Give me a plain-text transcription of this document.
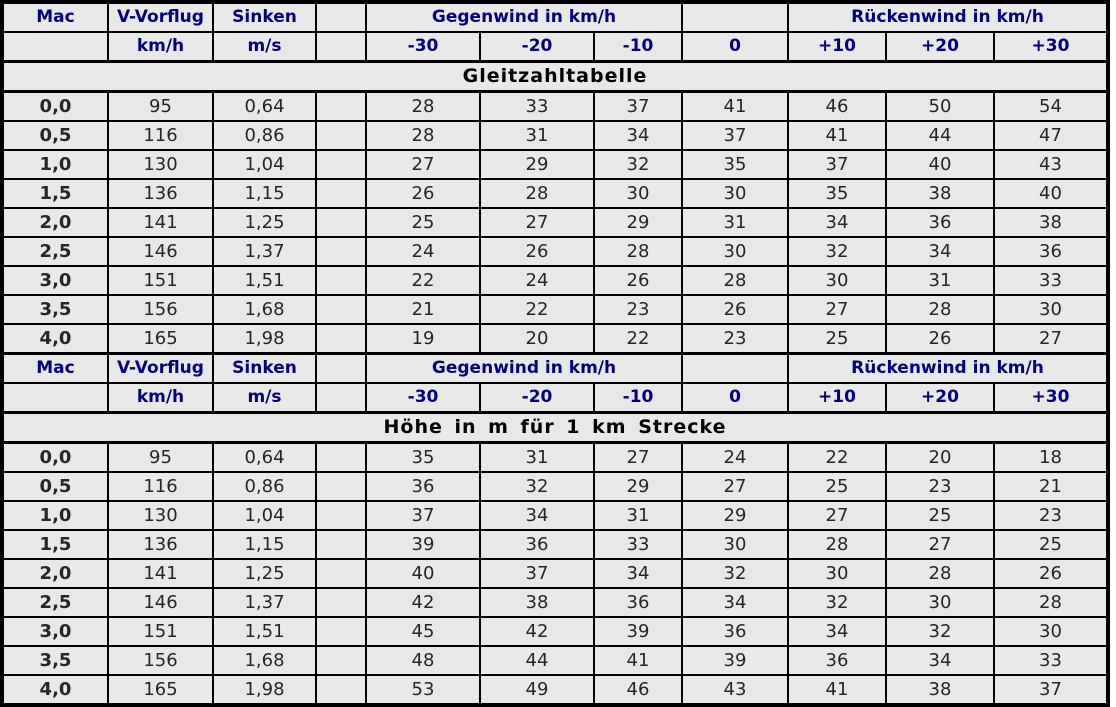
Mac	V-Vorflug	Sinken		Gegenwind in km/h				Rückenwind in km/h		
	km/h	m/s		-30	-20	-10	0	+10	+20	+30
Gleitzahltabelle										
0,0	95	0,64		28	33	37	41	46	50	54
0,5	116	0,86		28	31	34	37	41	44	47
1,0	130	1,04		27	29	32	35	37	40	43
1,5	136	1,15		26	28	30	30	35	38	40
2,0	141	1,25		25	27	29	31	34	36	38
2,5	146	1,37		24	26	28	30	32	34	36
3,0	151	1,51		22	24	26	28	30	31	33
3,5	156	1,68		21	22	23	26	27	28	30
4,0	165	1,98		19	20	22	23	25	26	27
Mac	V-Vorflug	Sinken		Gegenwind in km/h				Rückenwind in km/h		
	km/h	m/s		-30	-20	-10	0	+10	+20	+30
Höhe in m für 1 km Strecke										
0,0	95	0,64		35	31	27	24	22	20	18
0,5	116	0,86		36	32	29	27	25	23	21
1,0	130	1,04		37	34	31	29	27	25	23
1,5	136	1,15		39	36	33	30	28	27	25
2,0	141	1,25		40	37	34	32	30	28	26
2,5	146	1,37		42	38	36	34	32	30	28
3,0	151	1,51		45	42	39	36	34	32	30
3,5	156	1,68		48	44	41	39	36	34	33
4,0	165	1,98		53	49	46	43	41	38	37
